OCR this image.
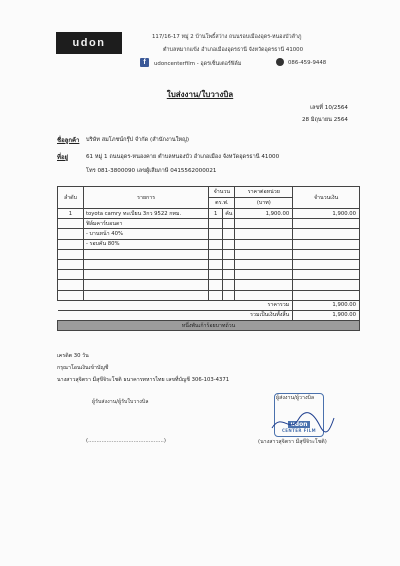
udon	117/16-17 หมู่ 2 บ้านโพธิ์สว่าง ถนนรอบเมืองอุดร-หนองบัวลำภู
ตำบลหมากแข้ง อำเภอเมืองอุดรธานี จังหวัดอุดรธานี 41000
f	udoncenterfilm - อุดรเซ็นเตอร์ฟิล์ม	086-459-9448
ใบส่งงาน/ใบวางบิล
เลขที่ 10/2564
28 มิถุนายน 2564
ชื่อลูกค้า บริษัท สมโภชน์กรุ๊ป จำกัด (สำนักงานใหญ่)
ที่อยู่	61 หมู่ 1 ถนนอุดร-หนองคาย ตำบลหนองบัว อำเภอเมือง จังหวัดอุดรธานี 41000
โทร 081-3800090 เลขผู้เสียภาษี 0415562000021
ลำดับ	รายการ	จำนวน		ราคาต่อหน่วย	จำนวนเงิน
		ตร.ฟ.		(บาท)	
1	toyota camry ทะเบียน 3กว 9522 กทม.	1	คัน	1,900.00	1,900.00
	ฟิล์มคาร์บอนดา				
	- บานหน้า 40%				
	- รอบคัน 80%				

ราคารวม					1,900.00
รวมเป็นเงินทั้งสิ้น					1,900.00
หนึ่งพันเก้าร้อยบาทถ้วน					
เครดิต 30 วัน
กรุณาโอนเงินเข้าบัญชี
นางสาวสุจิตรา มีสุขีจิระโชติ ธนาคารทหารไทย เลขที่บัญชี 306-103-4371
ผู้รับส่งงาน/ผู้รับใบวางบิล
(.............................................)
ผู้ส่งงาน/ผู้วางบิล
udon
CENTER FILM
(นางสาวสุจิตรา มีสุขีจิระโชติ)
